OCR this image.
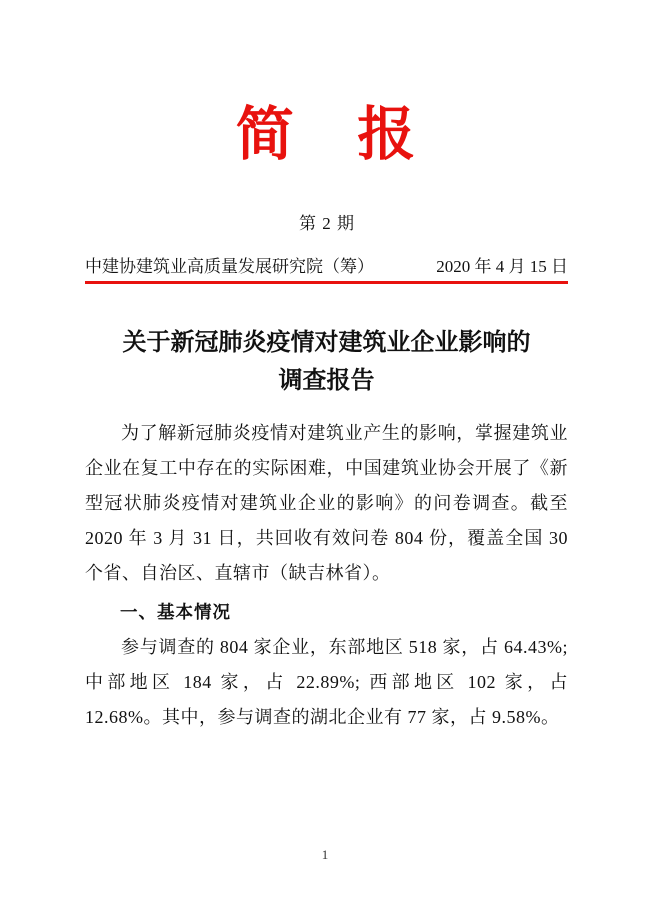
简 报
第 2 期
中建协建筑业高质量发展研究院（筹）	2020 年 4 月 15 日
关于新冠肺炎疫情对建筑业企业影响的
调查报告

为了解新冠肺炎疫情对建筑业产生的影响，掌握建筑业企业在复工中存在的实际困难，中国建筑业协会开展了《新型冠状肺炎疫情对建筑业企业的影响》的问卷调查。截至 2020 年 3 月 31 日，共回收有效问卷 804 份，覆盖全国 30 个省、自治区、直辖市（缺吉林省）。

一、基本情况

参与调查的 804 家企业，东部地区 518 家，占 64.43%; 中部地区 184 家，占 22.89%; 西部地区 102 家，占 12.68%。其中，参与调查的湖北企业有 77 家，占 9.58%。

1
